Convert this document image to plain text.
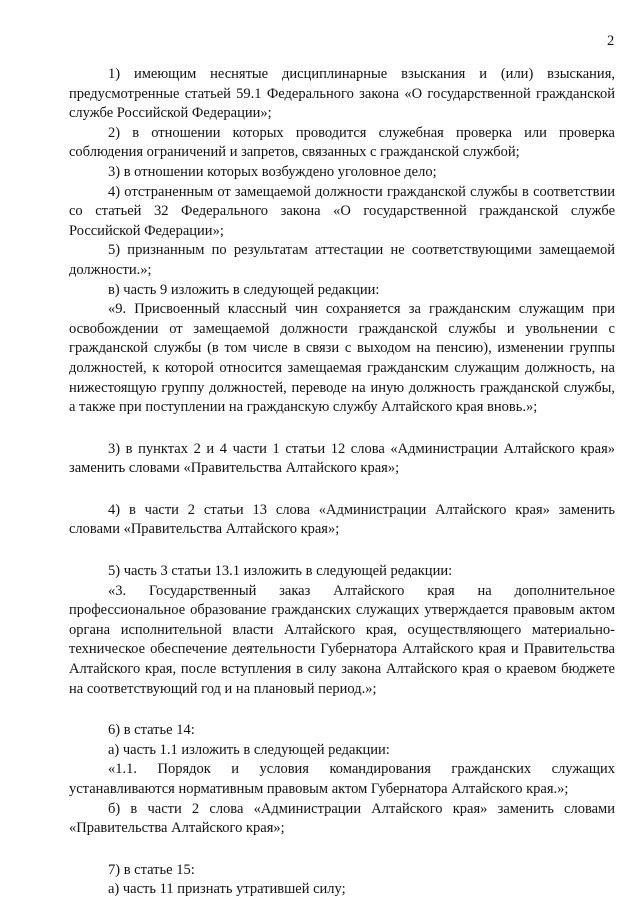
2

1) имеющим неснятые дисциплинарные взыскания и (или) взыскания, предусмотренные статьей 59.1 Федерального закона «О государственной гражданской службе Российской Федерации»;

2) в отношении которых проводится служебная проверка или проверка соблюдения ограничений и запретов, связанных с гражданской службой;

3) в отношении которых возбуждено уголовное дело;

4) отстраненным от замещаемой должности гражданской службы в соответствии со статьей 32 Федерального закона «О государственной гражданской службе Российской Федерации»;

5) признанным по результатам аттестации не соответствующими замещаемой должности.»;

в) часть 9 изложить в следующей редакции:

«9. Присвоенный классный чин сохраняется за гражданским служащим при освобождении от замещаемой должности гражданской службы и увольнении с гражданской службы (в том числе в связи с выходом на пенсию), изменении группы должностей, к которой относится замещаемая гражданским служащим должность, на нижестоящую группу должностей, переводе на иную должность гражданской службы, а также при поступлении на гражданскую службу Алтайского края вновь.»;

3) в пунктах 2 и 4 части 1 статьи 12 слова «Администрации Алтайского края» заменить словами «Правительства Алтайского края»;

4) в части 2 статьи 13 слова «Администрации Алтайского края» заменить словами «Правительства Алтайского края»;

5) часть 3 статьи 13.1 изложить в следующей редакции:

«3. Государственный заказ Алтайского края на дополнительное профессиональное образование гражданских служащих утверждается правовым актом органа исполнительной власти Алтайского края, осуществляющего материально-техническое обеспечение деятельности Губернатора Алтайского края и Правительства Алтайского края, после вступления в силу закона Алтайского края о краевом бюджете на соответствующий год и на плановый период.»;

6) в статье 14:

а) часть 1.1 изложить в следующей редакции:

«1.1. Порядок и условия командирования гражданских служащих устанавливаются нормативным правовым актом Губернатора Алтайского края.»;

б) в части 2 слова «Администрации Алтайского края» заменить словами «Правительства Алтайского края»;

7) в статье 15:

а) часть 11 признать утратившей силу;
